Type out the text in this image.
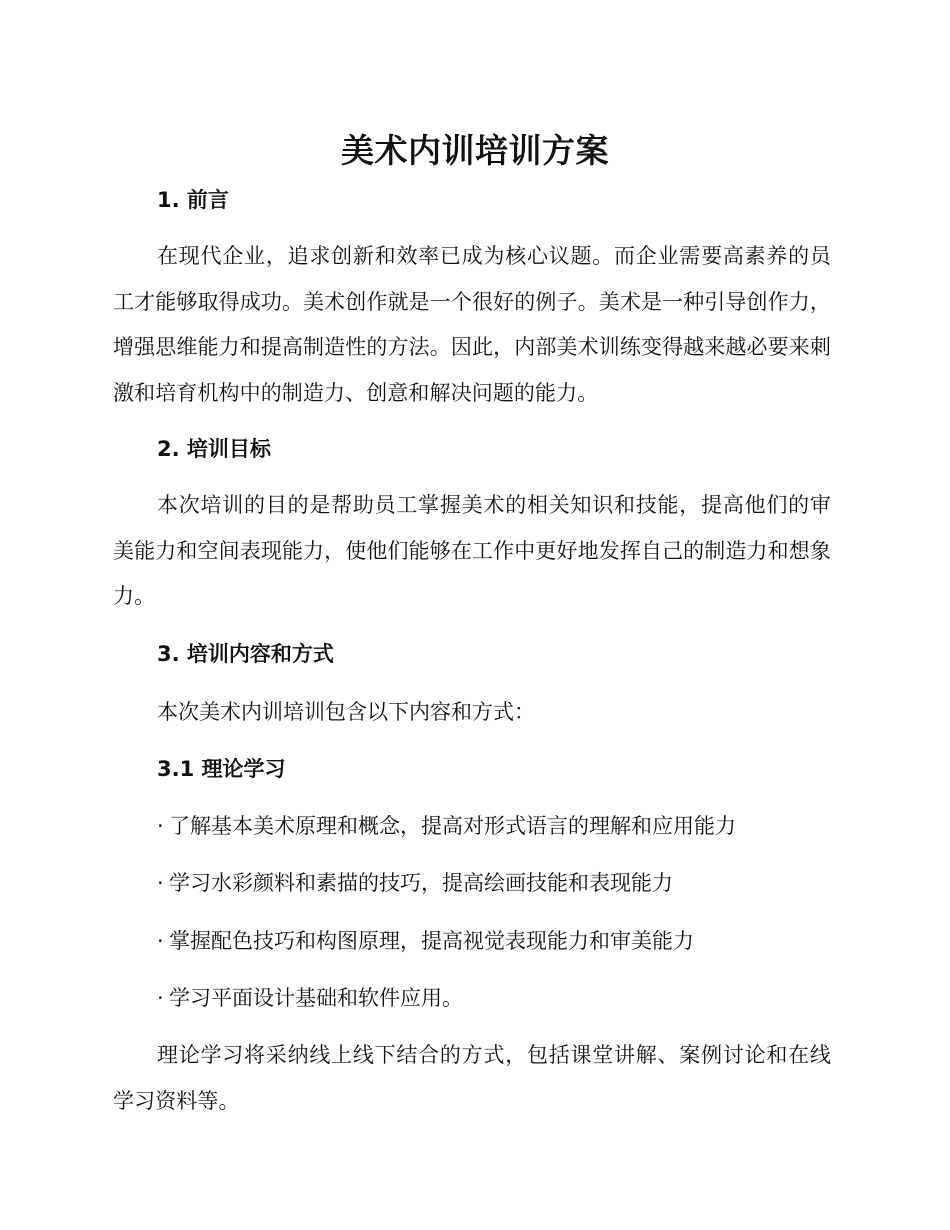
美术内训培训方案
1. 前言
在现代企业，追求创新和效率已成为核心议题。而企业需要高素养的员工才能够取得成功。美术创作就是一个很好的例子。美术是一种引导创作力，增强思维能力和提高制造性的方法。因此，内部美术训练变得越来越必要来刺激和培育机构中的制造力、创意和解决问题的能力。
2. 培训目标
本次培训的目的是帮助员工掌握美术的相关知识和技能，提高他们的审美能力和空间表现能力，使他们能够在工作中更好地发挥自己的制造力和想象力。
3. 培训内容和方式
本次美术内训培训包含以下内容和方式：
3.1 理论学习
· 了解基本美术原理和概念，提高对形式语言的理解和应用能力
· 学习水彩颜料和素描的技巧，提高绘画技能和表现能力
· 掌握配色技巧和构图原理，提高视觉表现能力和审美能力
· 学习平面设计基础和软件应用。
理论学习将采纳线上线下结合的方式，包括课堂讲解、案例讨论和在线学习资料等。
